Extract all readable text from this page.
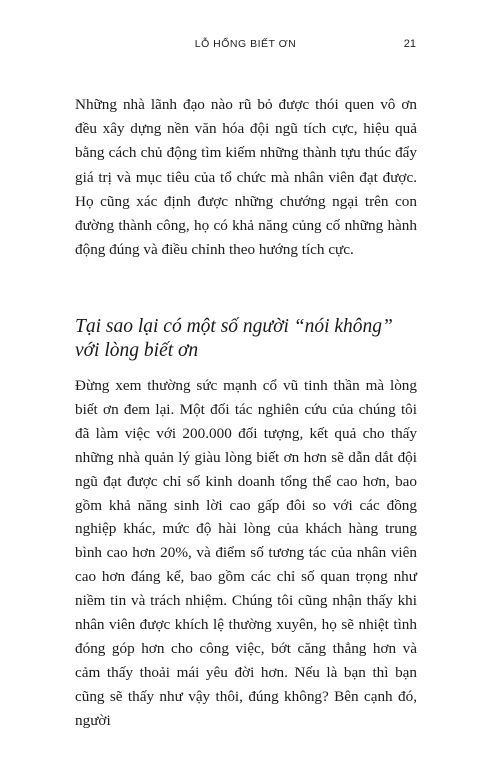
LỖ HỔNG BIẾT ƠN	21

Những nhà lãnh đạo nào rũ bỏ được thói quen vô ơn đều xây dựng nền văn hóa đội ngũ tích cực, hiệu quả bằng cách chủ động tìm kiếm những thành tựu thúc đẩy giá trị và mục tiêu của tổ chức mà nhân viên đạt được. Họ cũng xác định được những chướng ngại trên con đường thành công, họ có khả năng củng cố những hành động đúng và điều chỉnh theo hướng tích cực.

Tại sao lại có một số người “nói không” với lòng biết ơn

Đừng xem thường sức mạnh cổ vũ tinh thần mà lòng biết ơn đem lại. Một đối tác nghiên cứu của chúng tôi đã làm việc với 200.000 đối tượng, kết quả cho thấy những nhà quản lý giàu lòng biết ơn hơn sẽ dẫn dắt đội ngũ đạt được chỉ số kinh doanh tổng thể cao hơn, bao gồm khả năng sinh lời cao gấp đôi so với các đồng nghiệp khác, mức độ hài lòng của khách hàng trung bình cao hơn 20%, và điểm số tương tác của nhân viên cao hơn đáng kể, bao gồm các chỉ số quan trọng như niềm tin và trách nhiệm. Chúng tôi cũng nhận thấy khi nhân viên được khích lệ thường xuyên, họ sẽ nhiệt tình đóng góp hơn cho công việc, bớt căng thẳng hơn và cảm thấy thoải mái yêu đời hơn. Nếu là bạn thì bạn cũng sẽ thấy như vậy thôi, đúng không? Bên cạnh đó, người
